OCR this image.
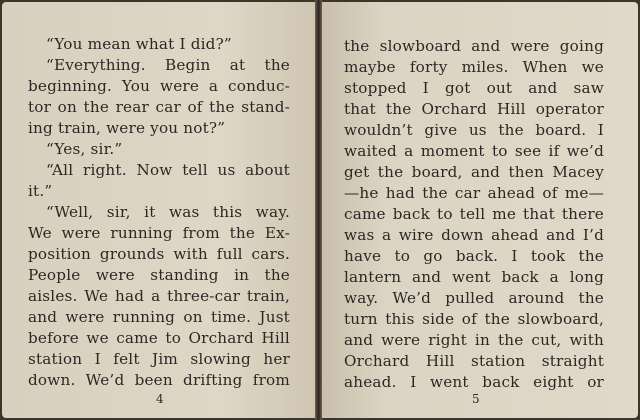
“You mean what I did?”
“Everything. Begin at the
beginning. You were a conduc-
tor on the rear car of the stand-
ing train, were you not?”
“Yes, sir.”
“All right. Now tell us about
it.”
“Well, sir, it was this way.
We were running from the Ex-
position grounds with full cars.
People were standing in the
aisles. We had a three-car train,
and were running on time. Just
before we came to Orchard Hill
station I felt Jim slowing her
down. We’d been drifting from
4
the slowboard and were going
maybe forty miles. When we
stopped I got out and saw
that the Orchard Hill operator
wouldn’t give us the board. I
waited a moment to see if we’d
get the board, and then Macey
—he had the car ahead of me—
came back to tell me that there
was a wire down ahead and I’d
have to go back. I took the
lantern and went back a long
way. We’d pulled around the
turn this side of the slowboard,
and were right in the cut, with
Orchard Hill station straight
ahead. I went back eight or
5
